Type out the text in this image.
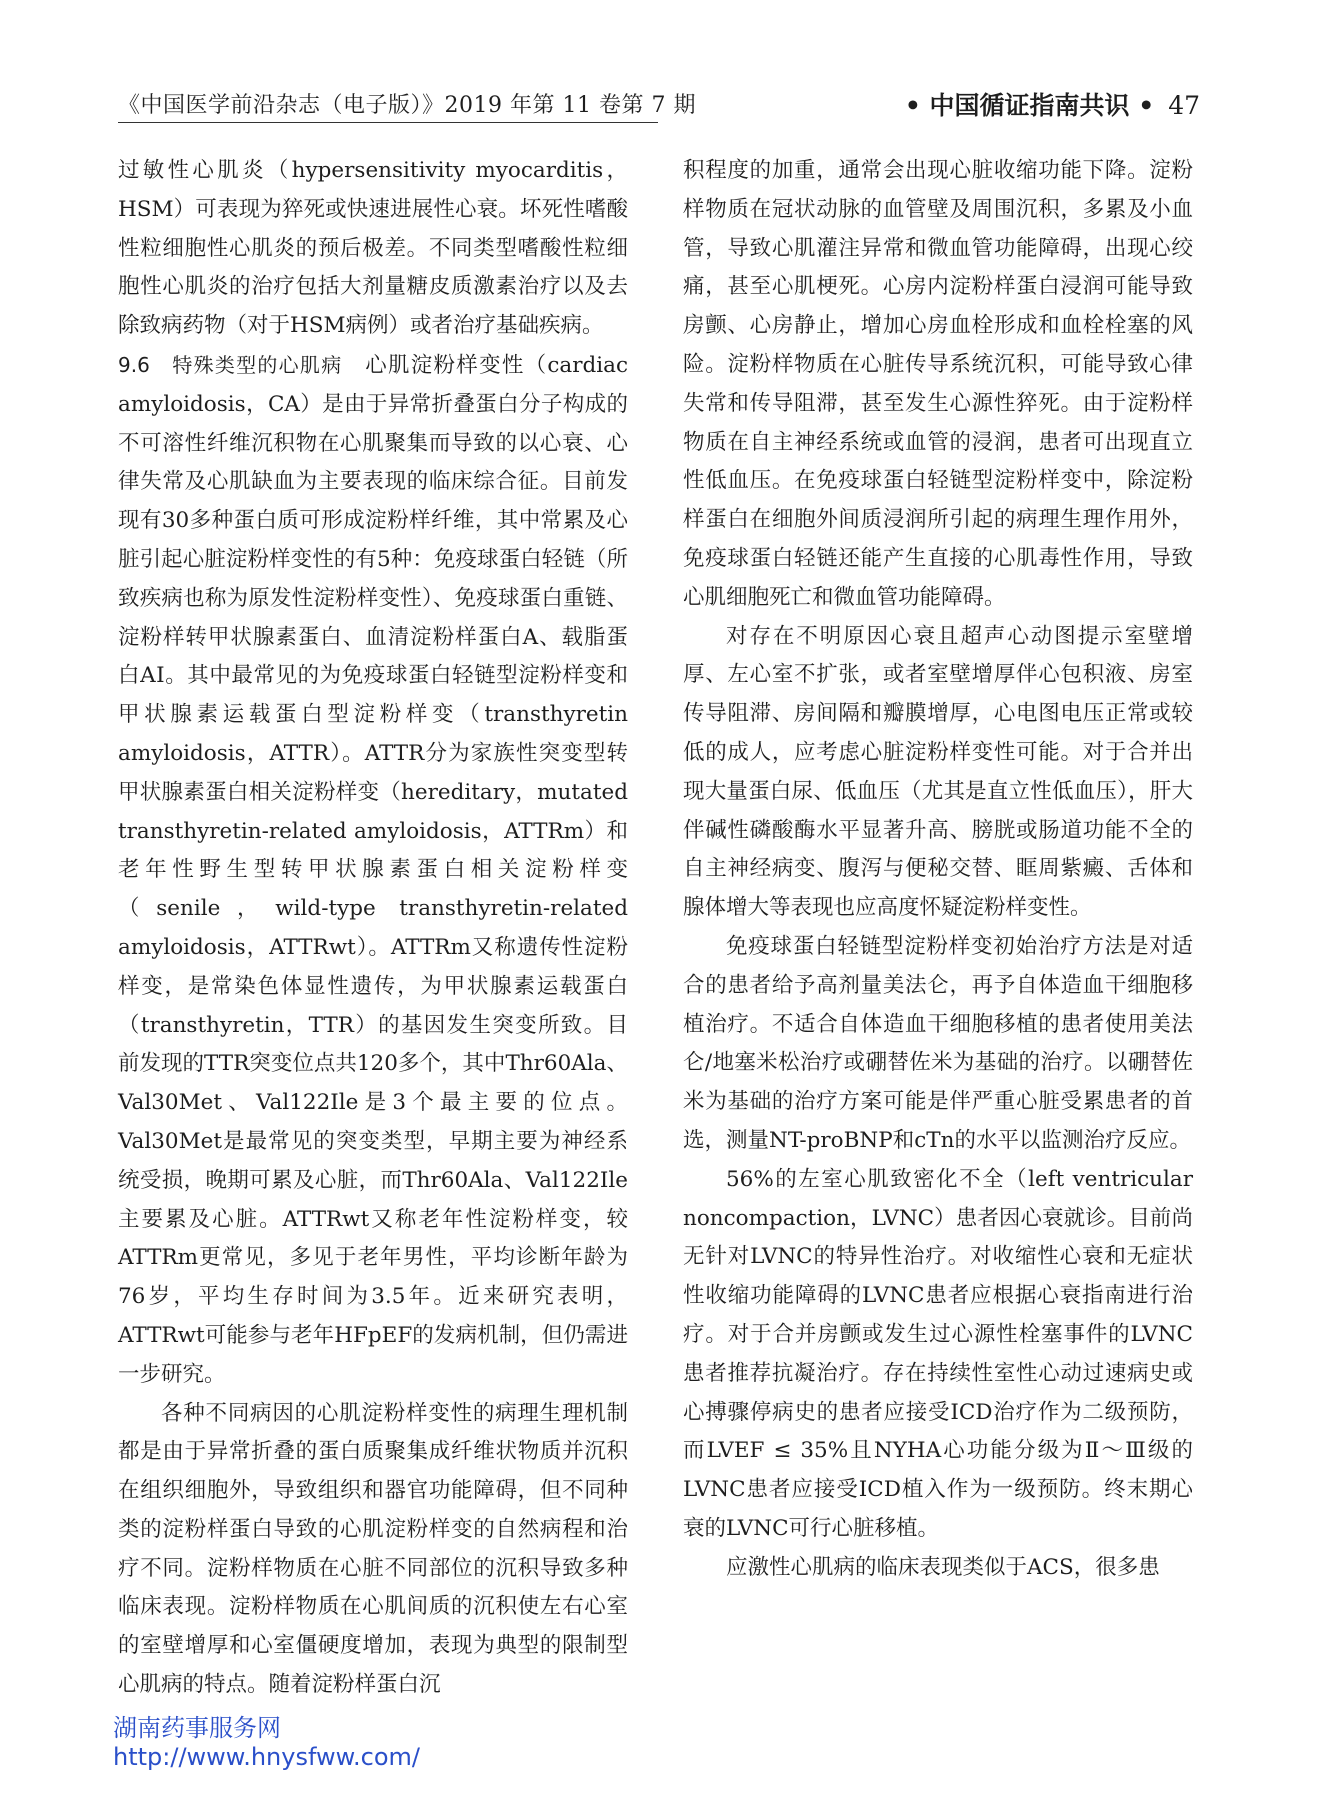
《中国医学前沿杂志（电子版）》2019 年第 11 卷第 7 期	• 中国循证指南共识 • 47

过敏性心肌炎（hypersensitivity myocarditis，HSM）可表现为猝死或快速进展性心衰。坏死性嗜酸性粒细胞性心肌炎的预后极差。不同类型嗜酸性粒细胞性心肌炎的治疗包括大剂量糖皮质激素治疗以及去除致病药物（对于HSM病例）或者治疗基础疾病。

9.6　特殊类型的心肌病　心肌淀粉样变性（cardiac amyloidosis，CA）是由于异常折叠蛋白分子构成的不可溶性纤维沉积物在心肌聚集而导致的以心衰、心律失常及心肌缺血为主要表现的临床综合征。目前发现有30多种蛋白质可形成淀粉样纤维，其中常累及心脏引起心脏淀粉样变性的有5种：免疫球蛋白轻链（所致疾病也称为原发性淀粉样变性）、免疫球蛋白重链、淀粉样转甲状腺素蛋白、血清淀粉样蛋白A、载脂蛋白AⅠ。其中最常见的为免疫球蛋白轻链型淀粉样变和甲状腺素运载蛋白型淀粉样变（transthyretin amyloidosis，ATTR）。ATTR分为家族性突变型转甲状腺素蛋白相关淀粉样变（hereditary，mutated transthyretin-related amyloidosis，ATTRm）和老年性野生型转甲状腺素蛋白相关淀粉样变（senile，wild-type transthyretin-related amyloidosis，ATTRwt）。ATTRm又称遗传性淀粉样变，是常染色体显性遗传，为甲状腺素运载蛋白（transthyretin，TTR）的基因发生突变所致。目前发现的TTR突变位点共120多个，其中Thr60Ala、Val30Met、Val122Ile是3个最主要的位点。Val30Met是最常见的突变类型，早期主要为神经系统受损，晚期可累及心脏，而Thr60Ala、Val122Ile主要累及心脏。ATTRwt又称老年性淀粉样变，较ATTRm更常见，多见于老年男性，平均诊断年龄为76岁，平均生存时间为3.5年。近来研究表明，ATTRwt可能参与老年HFpEF的发病机制，但仍需进一步研究。

各种不同病因的心肌淀粉样变性的病理生理机制都是由于异常折叠的蛋白质聚集成纤维状物质并沉积在组织细胞外，导致组织和器官功能障碍，但不同种类的淀粉样蛋白导致的心肌淀粉样变的自然病程和治疗不同。淀粉样物质在心脏不同部位的沉积导致多种临床表现。淀粉样物质在心肌间质的沉积使左右心室的室壁增厚和心室僵硬度增加，表现为典型的限制型心肌病的特点。随着淀粉样蛋白沉

积程度的加重，通常会出现心脏收缩功能下降。淀粉样物质在冠状动脉的血管壁及周围沉积，多累及小血管，导致心肌灌注异常和微血管功能障碍，出现心绞痛，甚至心肌梗死。心房内淀粉样蛋白浸润可能导致房颤、心房静止，增加心房血栓形成和血栓栓塞的风险。淀粉样物质在心脏传导系统沉积，可能导致心律失常和传导阻滞，甚至发生心源性猝死。由于淀粉样物质在自主神经系统或血管的浸润，患者可出现直立性低血压。在免疫球蛋白轻链型淀粉样变中，除淀粉样蛋白在细胞外间质浸润所引起的病理生理作用外，免疫球蛋白轻链还能产生直接的心肌毒性作用，导致心肌细胞死亡和微血管功能障碍。

对存在不明原因心衰且超声心动图提示室壁增厚、左心室不扩张，或者室壁增厚伴心包积液、房室传导阻滞、房间隔和瓣膜增厚，心电图电压正常或较低的成人，应考虑心脏淀粉样变性可能。对于合并出现大量蛋白尿、低血压（尤其是直立性低血压），肝大伴碱性磷酸酶水平显著升高、膀胱或肠道功能不全的自主神经病变、腹泻与便秘交替、眶周紫癜、舌体和腺体增大等表现也应高度怀疑淀粉样变性。

免疫球蛋白轻链型淀粉样变初始治疗方法是对适合的患者给予高剂量美法仑，再予自体造血干细胞移植治疗。不适合自体造血干细胞移植的患者使用美法仑/地塞米松治疗或硼替佐米为基础的治疗。以硼替佐米为基础的治疗方案可能是伴严重心脏受累患者的首选，测量NT-proBNP和cTn的水平以监测治疗反应。

56%的左室心肌致密化不全（left ventricular noncompaction，LVNC）患者因心衰就诊。目前尚无针对LVNC的特异性治疗。对收缩性心衰和无症状性收缩功能障碍的LVNC患者应根据心衰指南进行治疗。对于合并房颤或发生过心源性栓塞事件的LVNC患者推荐抗凝治疗。存在持续性室性心动过速病史或心搏骤停病史的患者应接受ICD治疗作为二级预防，而LVEF ≤ 35%且NYHA心功能分级为Ⅱ～Ⅲ级的LVNC患者应接受ICD植入作为一级预防。终末期心衰的LVNC可行心脏移植。

应激性心肌病的临床表现类似于ACS，很多患

湖南药事服务网
http://www.hnysfww.com/
